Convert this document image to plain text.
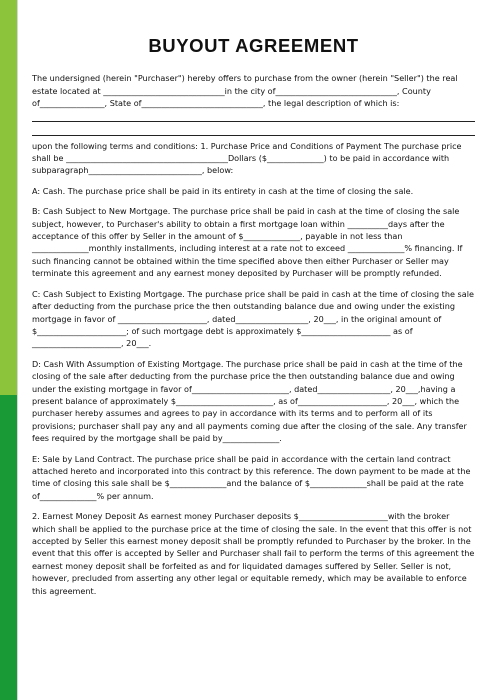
BUYOUT AGREEMENT

The undersigned (herein "Purchaser") hereby offers to purchase from the owner (herein "Seller") the real estate located at ______________________________in the city of______________________________, County of________________, State of______________________________, the legal description of which is:

upon the following terms and conditions: 1. Purchase Price and Conditions of Payment The purchase price shall be ________________________________________Dollars ($______________) to be paid in accordance with subparagraph____________________________, below:

A: Cash. The purchase price shall be paid in its entirety in cash at the time of closing the sale.

B: Cash Subject to New Mortgage. The purchase price shall be paid in cash at the time of closing the sale subject, however, to Purchaser's ability to obtain a first mortgage loan within __________days after the acceptance of this offer by Seller in the amount of $______________, payable in not less than ______________monthly installments, including interest at a rate not to exceed ______________% financing. If such financing cannot be obtained within the time specified above then either Purchaser or Seller may terminate this agreement and any earnest money deposited by Purchaser will be promptly refunded.

C: Cash Subject to Existing Mortgage. The purchase price shall be paid in cash at the time of closing the sale after deducting from the purchase price the then outstanding balance due and owing under the existing mortgage in favor of ______________________, dated__________________, 20___, in the original amount of $______________________; of such mortgage debt is approximately $______________________ as of ______________________, 20___.

D: Cash With Assumption of Existing Mortgage. The purchase price shall be paid in cash at the time of the closing of the sale after deducting from the purchase price the then outstanding balance due and owing under the existing mortgage in favor of________________________, dated__________________, 20___,having a present balance of approximately $________________________, as of______________________, 20___, which the purchaser hereby assumes and agrees to pay in accordance with its terms and to perform all of its provisions; purchaser shall pay any and all payments coming due after the closing of the sale. Any transfer fees required by the mortgage shall be paid by______________.

E: Sale by Land Contract. The purchase price shall be paid in accordance with the certain land contract attached hereto and incorporated into this contract by this reference. The down payment to be made at the time of closing this sale shall be $______________and the balance of $______________shall be paid at the rate of______________% per annum.

2. Earnest Money Deposit As earnest money Purchaser deposits $______________________with the broker which shall be applied to the purchase price at the time of closing the sale. In the event that this offer is not accepted by Seller this earnest money deposit shall be promptly refunded to Purchaser by the broker. In the event that this offer is accepted by Seller and Purchaser shall fail to perform the terms of this agreement the earnest money deposit shall be forfeited as and for liquidated damages suffered by Seller. Seller is not, however, precluded from asserting any other legal or equitable remedy, which may be available to enforce this agreement.
